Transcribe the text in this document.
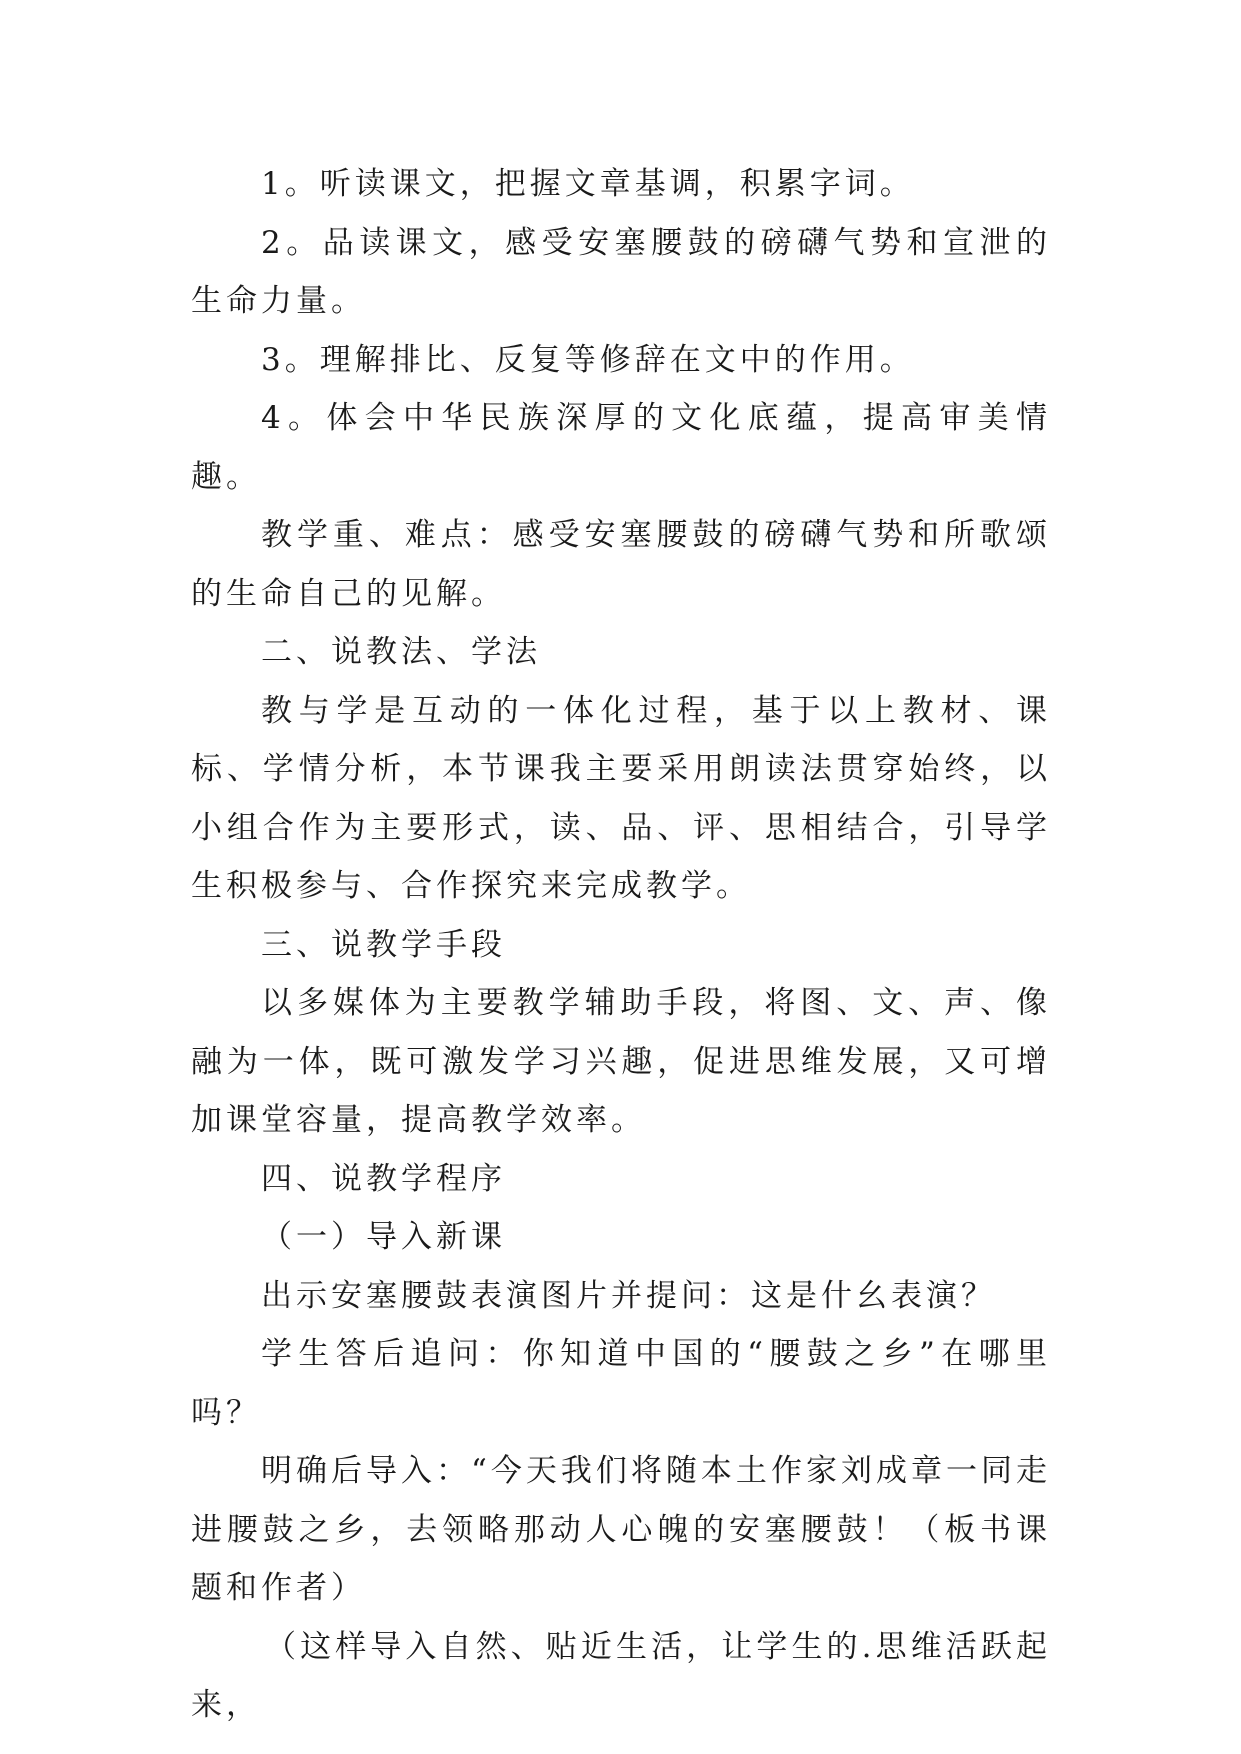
1。听读课文，把握文章基调，积累字词。

2。品读课文，感受安塞腰鼓的磅礴气势和宣泄的生命力量。

3。理解排比、反复等修辞在文中的作用。

4。体会中华民族深厚的文化底蕴，提高审美情趣。

教学重、难点：感受安塞腰鼓的磅礴气势和所歌颂的生命自己的见解。

二、说教法、学法

教与学是互动的一体化过程，基于以上教材、课标、学情分析，本节课我主要采用朗读法贯穿始终，以小组合作为主要形式，读、品、评、思相结合，引导学生积极参与、合作探究来完成教学。

三、说教学手段

以多媒体为主要教学辅助手段，将图、文、声、像融为一体，既可激发学习兴趣，促进思维发展，又可增加课堂容量，提高教学效率。

四、说教学程序

（一）导入新课

出示安塞腰鼓表演图片并提问：这是什幺表演？

学生答后追问：你知道中国的“腰鼓之乡”在哪里吗？

明确后导入：“今天我们将随本土作家刘成章一同走进腰鼓之乡，去领略那动人心魄的安塞腰鼓！（板书课题和作者）

（这样导入自然、贴近生活，让学生的.思维活跃起来，
